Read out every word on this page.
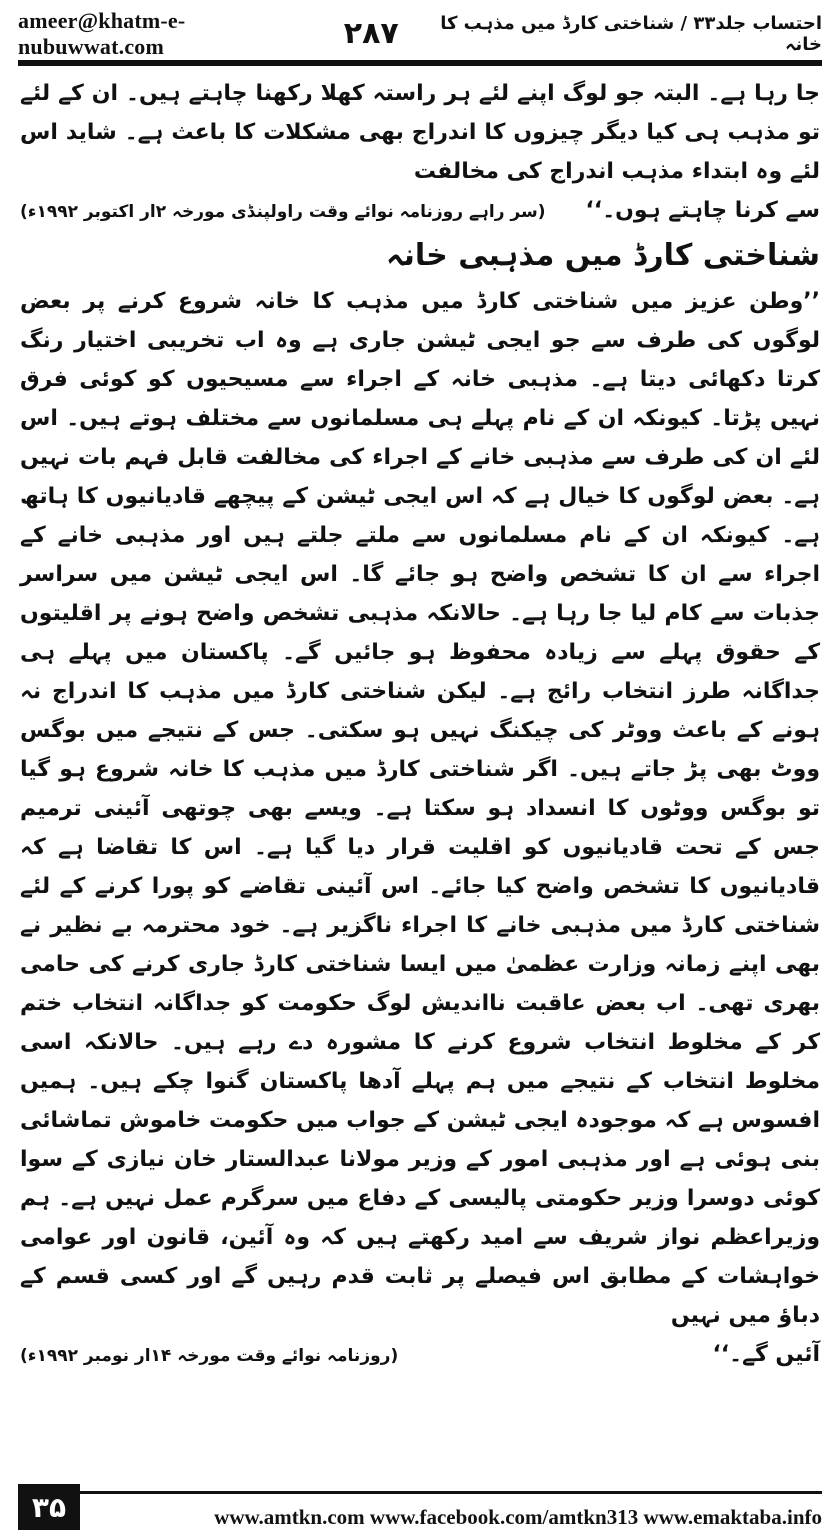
ameer@khatm-e-nubuwwat.com	۲۸۷	احتساب جلد۳۳ / شناختی کارڈ میں مذہب کا خانہ

جا رہا ہے۔ البتہ جو لوگ اپنے لئے ہر راستہ کھلا رکھنا چاہتے ہیں۔ ان کے لئے تو مذہب ہی کیا دیگر چیزوں کا اندراج بھی مشکلات کا باعث ہے۔ شاید اس لئے وہ ابتداء مذہب اندراج کی مخالفت

سے کرنا چاہتے ہوں۔‘‘
(سر راہے روزنامہ نوائے وقت راولپنڈی مورخہ ۲ار اکتوبر ۱۹۹۲ء)
شناختی کارڈ میں مذہبی خانہ

’’وطن عزیز میں شناختی کارڈ میں مذہب کا خانہ شروع کرنے پر بعض لوگوں کی طرف سے جو ایجی ٹیشن جاری ہے وہ اب تخریبی اختیار رنگ کرتا دکھائی دیتا ہے۔ مذہبی خانہ کے اجراء سے مسیحیوں کو کوئی فرق نہیں پڑتا۔ کیونکہ ان کے نام پہلے ہی مسلمانوں سے مختلف ہوتے ہیں۔ اس لئے ان کی طرف سے مذہبی خانے کے اجراء کی مخالفت قابل فہم بات نہیں ہے۔ بعض لوگوں کا خیال ہے کہ اس ایجی ٹیشن کے پیچھے قادیانیوں کا ہاتھ ہے۔ کیونکہ ان کے نام مسلمانوں سے ملتے جلتے ہیں اور مذہبی خانے کے اجراء سے ان کا تشخص واضح ہو جائے گا۔ اس ایجی ٹیشن میں سراسر جذبات سے کام لیا جا رہا ہے۔ حالانکہ مذہبی تشخص واضح ہونے پر اقلیتوں کے حقوق پہلے سے زیادہ محفوظ ہو جائیں گے۔ پاکستان میں پہلے ہی جداگانہ طرز انتخاب رائج ہے۔ لیکن شناختی کارڈ میں مذہب کا اندراج نہ ہونے کے باعث ووٹر کی چیکنگ نہیں ہو سکتی۔ جس کے نتیجے میں بوگس ووٹ بھی پڑ جاتے ہیں۔ اگر شناختی کارڈ میں مذہب کا خانہ شروع ہو گیا تو بوگس ووٹوں کا انسداد ہو سکتا ہے۔ ویسے بھی چوتھی آئینی ترمیم جس کے تحت قادیانیوں کو اقلیت قرار دیا گیا ہے۔ اس کا تقاضا ہے کہ قادیانیوں کا تشخص واضح کیا جائے۔ اس آئینی تقاضے کو پورا کرنے کے لئے شناختی کارڈ میں مذہبی خانے کا اجراء ناگزیر ہے۔ خود محترمہ بے نظیر نے بھی اپنے زمانہ وزارت عظمیٰ میں ایسا شناختی کارڈ جاری کرنے کی حامی بھری تھی۔ اب بعض عاقبت نااندیش لوگ حکومت کو جداگانہ انتخاب ختم کر کے مخلوط انتخاب شروع کرنے کا مشورہ دے رہے ہیں۔ حالانکہ اسی مخلوط انتخاب کے نتیجے میں ہم پہلے آدھا پاکستان گنوا چکے ہیں۔ ہمیں افسوس ہے کہ موجودہ ایجی ٹیشن کے جواب میں حکومت خاموش تماشائی بنی ہوئی ہے اور مذہبی امور کے وزیر مولانا عبدالستار خان نیازی کے سوا کوئی دوسرا وزیر حکومتی پالیسی کے دفاع میں سرگرم عمل نہیں ہے۔ ہم وزیراعظم نواز شریف سے امید رکھتے ہیں کہ وہ آئین، قانون اور عوامی خواہشات کے مطابق اس فیصلے پر ثابت قدم رہیں گے اور کسی قسم کے دباؤ میں نہیں

آئیں گے۔‘‘
(روزنامہ نوائے وقت مورخہ ۱۴ار نومبر ۱۹۹۲ء)
۳۵	www.amtkn.com www.facebook.com/amtkn313 www.emaktaba.info
